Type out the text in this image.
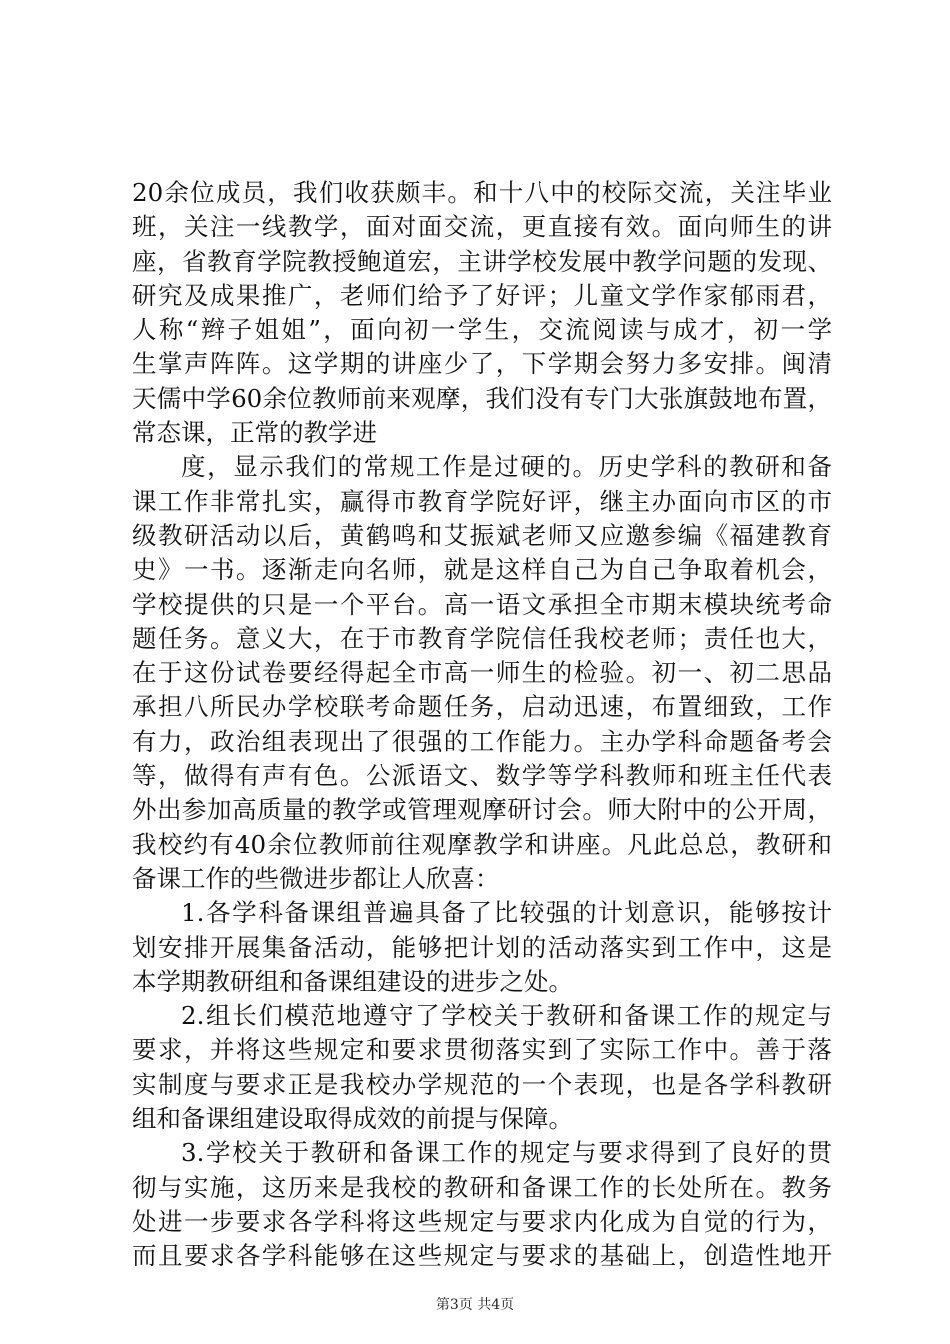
20余位成员，我们收获颇丰。和十八中的校际交流，关注毕业
班，关注一线教学，面对面交流，更直接有效。面向师生的讲
座，省教育学院教授鲍道宏，主讲学校发展中教学问题的发现、
研究及成果推广，老师们给予了好评；儿童文学作家郁雨君，
人称“辫子姐姐”，面向初一学生，交流阅读与成才，初一学
生掌声阵阵。这学期的讲座少了，下学期会努力多安排。闽清
天儒中学60余位教师前来观摩，我们没有专门大张旗鼓地布置，
常态课，正常的教学进
度，显示我们的常规工作是过硬的。历史学科的教研和备
课工作非常扎实，赢得市教育学院好评，继主办面向市区的市
级教研活动以后，黄鹤鸣和艾振斌老师又应邀参编《福建教育
史》一书。逐渐走向名师，就是这样自己为自己争取着机会，
学校提供的只是一个平台。高一语文承担全市期末模块统考命
题任务。意义大，在于市教育学院信任我校老师；责任也大，
在于这份试卷要经得起全市高一师生的检验。初一、初二思品
承担八所民办学校联考命题任务，启动迅速，布置细致，工作
有力，政治组表现出了很强的工作能力。主办学科命题备考会
等，做得有声有色。公派语文、数学等学科教师和班主任代表
外出参加高质量的教学或管理观摩研讨会。师大附中的公开周，
我校约有40余位教师前往观摩教学和讲座。凡此总总，教研和
备课工作的些微进步都让人欣喜：
1.各学科备课组普遍具备了比较强的计划意识，能够按计
划安排开展集备活动，能够把计划的活动落实到工作中，这是
本学期教研组和备课组建设的进步之处。
2.组长们模范地遵守了学校关于教研和备课工作的规定与
要求，并将这些规定和要求贯彻落实到了实际工作中。善于落
实制度与要求正是我校办学规范的一个表现，也是各学科教研
组和备课组建设取得成效的前提与保障。
3.学校关于教研和备课工作的规定与要求得到了良好的贯
彻与实施，这历来是我校的教研和备课工作的长处所在。教务
处进一步要求各学科将这些规定与要求内化成为自觉的行为，
而且要求各学科能够在这些规定与要求的基础上，创造性地开
第3页 共4页
